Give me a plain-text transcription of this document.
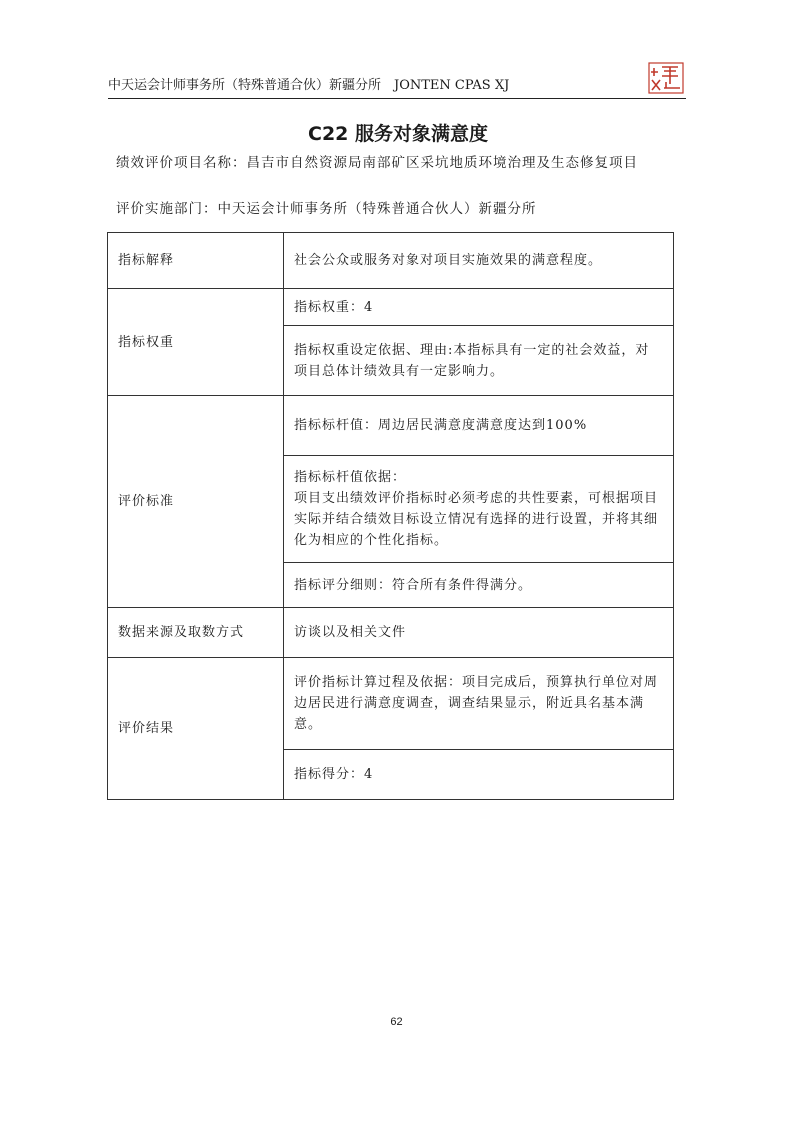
中天运会计师事务所（特殊普通合伙）新疆分所　JONTEN CPAS XJ
C22 服务对象满意度
绩效评价项目名称：昌吉市自然资源局南部矿区采坑地质环境治理及生态修复项目
评价实施部门：中天运会计师事务所（特殊普通合伙人）新疆分所
指标解释	社会公众或服务对象对项目实施效果的满意程度。
指标权重	指标权重：4
	指标权重设定依据、理由:本指标具有一定的社会效益，对项目总体计绩效具有一定影响力。
评价标准	指标标杆值：周边居民满意度满意度达到100%

	指标标杆值依据：
项目支出绩效评价指标时必须考虑的共性要素，可根据项目实际并结合绩效目标设立情况有选择的进行设置，并将其细化为相应的个性化指标。

	指标评分细则：符合所有条件得满分。
数据来源及取数方式	访谈以及相关文件
评价结果	评价指标计算过程及依据：项目完成后，预算执行单位对周边居民进行满意度调查，调查结果显示，附近具名基本满意。
	指标得分：4
62
